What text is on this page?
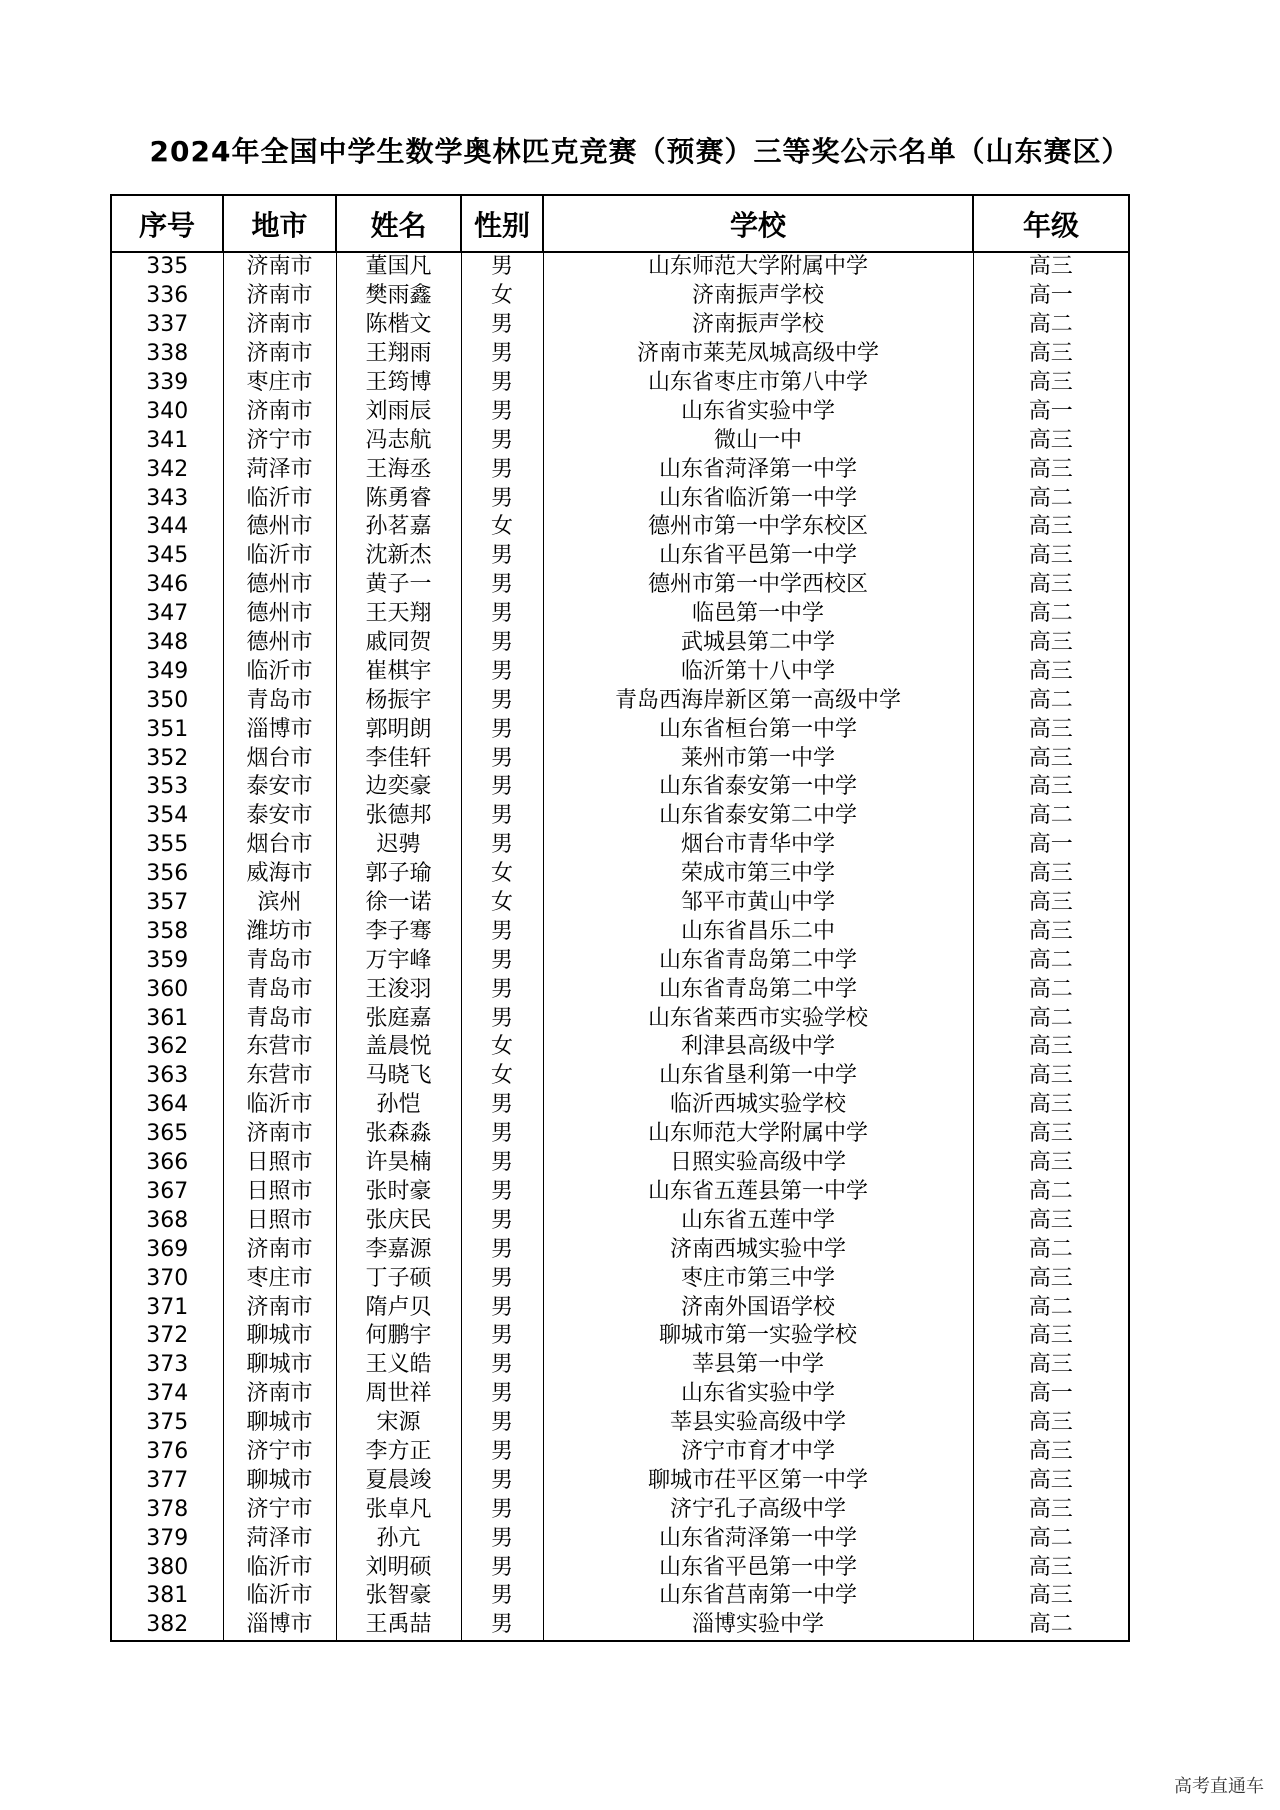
2024年全国中学生数学奥林匹克竞赛（预赛）三等奖公示名单（山东赛区）
序号	地市	姓名	性别	学校	年级
335	济南市	董国凡	男	山东师范大学附属中学	高三
336	济南市	樊雨鑫	女	济南振声学校	高一
337	济南市	陈楷文	男	济南振声学校	高二
338	济南市	王翔雨	男	济南市莱芜凤城高级中学	高三
339	枣庄市	王筠博	男	山东省枣庄市第八中学	高三
340	济南市	刘雨辰	男	山东省实验中学	高一
341	济宁市	冯志航	男	微山一中	高三
342	菏泽市	王海丞	男	山东省菏泽第一中学	高三
343	临沂市	陈勇睿	男	山东省临沂第一中学	高二
344	德州市	孙茗嘉	女	德州市第一中学东校区	高三
345	临沂市	沈新杰	男	山东省平邑第一中学	高三
346	德州市	黄子一	男	德州市第一中学西校区	高三
347	德州市	王天翔	男	临邑第一中学	高二
348	德州市	戚同贺	男	武城县第二中学	高三
349	临沂市	崔棋宇	男	临沂第十八中学	高三
350	青岛市	杨振宇	男	青岛西海岸新区第一高级中学	高二
351	淄博市	郭明朗	男	山东省桓台第一中学	高三
352	烟台市	李佳轩	男	莱州市第一中学	高三
353	泰安市	边奕豪	男	山东省泰安第一中学	高三
354	泰安市	张德邦	男	山东省泰安第二中学	高二
355	烟台市	迟骋	男	烟台市青华中学	高一
356	威海市	郭子瑜	女	荣成市第三中学	高三
357	滨州	徐一诺	女	邹平市黄山中学	高三
358	潍坊市	李子骞	男	山东省昌乐二中	高三
359	青岛市	万宇峰	男	山东省青岛第二中学	高二
360	青岛市	王浚羽	男	山东省青岛第二中学	高二
361	青岛市	张庭嘉	男	山东省莱西市实验学校	高二
362	东营市	盖晨悦	女	利津县高级中学	高三
363	东营市	马晓飞	女	山东省垦利第一中学	高三
364	临沂市	孙恺	男	临沂西城实验学校	高三
365	济南市	张森淼	男	山东师范大学附属中学	高三
366	日照市	许昊楠	男	日照实验高级中学	高三
367	日照市	张时豪	男	山东省五莲县第一中学	高二
368	日照市	张庆民	男	山东省五莲中学	高三
369	济南市	李嘉源	男	济南西城实验中学	高二
370	枣庄市	丁子硕	男	枣庄市第三中学	高三
371	济南市	隋卢贝	男	济南外国语学校	高二
372	聊城市	何鹏宇	男	聊城市第一实验学校	高三
373	聊城市	王义皓	男	莘县第一中学	高三
374	济南市	周世祥	男	山东省实验中学	高一
375	聊城市	宋源	男	莘县实验高级中学	高三
376	济宁市	李方正	男	济宁市育才中学	高三
377	聊城市	夏晨竣	男	聊城市茌平区第一中学	高三
378	济宁市	张卓凡	男	济宁孔子高级中学	高三
379	菏泽市	孙亢	男	山东省菏泽第一中学	高二
380	临沂市	刘明硕	男	山东省平邑第一中学	高三
381	临沂市	张智豪	男	山东省莒南第一中学	高三
382	淄博市	王禹喆	男	淄博实验中学	高二
高考直通车
